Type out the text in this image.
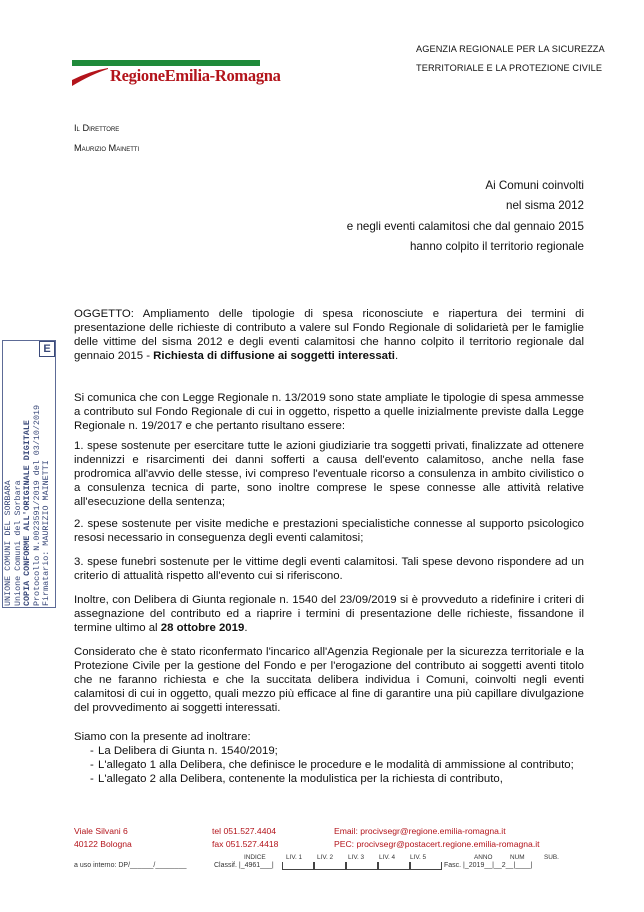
RegioneEmilia-Romagna
AGENZIA REGIONALE PER LA SICUREZZA
TERRITORIALE E LA PROTEZIONE CIVILE
Il Direttore
Maurizio Mainetti
Ai Comuni coinvolti
nel sisma 2012
e negli eventi calamitosi che dal gennaio 2015
hanno colpito il territorio regionale

OGGETTO: Ampliamento delle tipologie di spesa riconosciute e riapertura dei termini di presentazione delle richieste di contributo a valere sul Fondo Regionale di solidarietà per le famiglie delle vittime del sisma 2012 e degli eventi calamitosi che hanno colpito il territorio regionale dal gennaio 2015 - Richiesta di diffusione ai soggetti interessati.

Si comunica che con Legge Regionale n. 13/2019 sono state ampliate le tipologie di spesa ammesse a contributo sul Fondo Regionale di cui in oggetto, rispetto a quelle inizialmente previste dalla Legge Regionale n. 19/2017 e che pertanto risultano essere:

1. spese sostenute per esercitare tutte le azioni giudiziarie tra soggetti privati, finalizzate ad ottenere indennizzi e risarcimenti dei danni sofferti a causa dell'evento calamitoso, anche nella fase prodromica all'avvio delle stesse, ivi compreso l'eventuale ricorso a consulenza in ambito civilistico o a consulenza tecnica di parte, sono inoltre comprese le spese connesse alle attività relative all'esecuzione della sentenza;

2. spese sostenute per visite mediche e prestazioni specialistiche connesse al supporto psicologico resosi necessario in conseguenza degli eventi calamitosi;

3. spese funebri sostenute per le vittime degli eventi calamitosi. Tali spese devono rispondere ad un criterio di attualità rispetto all'evento cui si riferiscono.

Inoltre, con Delibera di Giunta regionale n. 1540 del 23/09/2019 si è provveduto a ridefinire i criteri di assegnazione del contributo ed a riaprire i termini di presentazione delle richieste, fissandone il termine ultimo al 28 ottobre 2019.

Considerato che è stato riconfermato l'incarico all'Agenzia Regionale per la sicurezza territoriale e la Protezione Civile per la gestione del Fondo e per l'erogazione del contributo ai soggetti aventi titolo che ne faranno richiesta e che la succitata delibera individua i Comuni, coinvolti negli eventi calamitosi di cui in oggetto, quali mezzo più efficace al fine di garantire una più capillare divulgazione del provvedimento ai soggetti interessati.

Siamo con la presente ad inoltrare:

- La Delibera di Giunta n. 1540/2019;
- L'allegato 1 alla Delibera, che definisce le procedure e le modalità di ammissione al contributo;
- L'allegato 2 alla Delibera, contenente la modulistica per la richiesta di contributo,
UNIONE COMUNI DEL SORBARA Unione Comuni del Sorbara COPIA CONFORME ALL'ORIGINALE DIGITALE Protocollo N.0023591/2019 del 03/10/2019 Firmatario: MAURIZIO MAINETTI
E
Viale Silvani 6
40122 Bologna
tel 051.527.4404
fax 051.527.4418
Email: procivsegr@regione.emilia-romagna.it
PEC: procivsegr@postacert.regione.emilia-romagna.it
INDICE	LIV. 1 LIV. 2 LIV. 3 LIV. 4 LIV. 5	ANNO	NUM	SUB.
a uso interno: DP/______/________	Classif. |_4961___|	Fasc. |_2019__|__2__|____|
